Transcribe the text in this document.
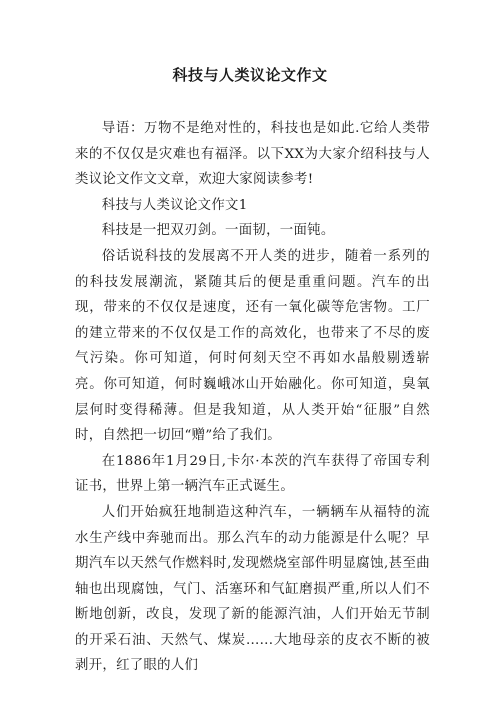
科技与人类议论文作文

导语：万物不是绝对性的，科技也是如此.它给人类带来的不仅仅是灾难也有福泽。以下XX为大家介绍科技与人类议论文作文文章，欢迎大家阅读参考!

科技与人类议论文作文1

科技是一把双刃剑。一面韧，一面钝。

俗话说科技的发展离不开人类的进步，随着一系列的的科技发展潮流，紧随其后的便是重重问题。汽车的出现，带来的不仅仅是速度，还有一氧化碳等危害物。工厂的建立带来的不仅仅是工作的高效化，也带来了不尽的废气污染。你可知道，何时何刻天空不再如水晶般剔透崭亮。你可知道，何时巍峨冰山开始融化。你可知道，臭氧层何时变得稀薄。但是我知道，从人类开始“征服”自然时，自然把一切回“赠”给了我们。

在1886年1月29日,卡尔·本茨的汽车获得了帝国专利证书，世界上第一辆汽车正式诞生。

人们开始疯狂地制造这种汽车，一辆辆车从福特的流水生产线中奔驰而出。那么汽车的动力能源是什么呢？早期汽车以天然气作燃料时,发现燃烧室部件明显腐蚀,甚至曲轴也出现腐蚀，气门、活塞环和气缸磨损严重,所以人们不断地创新，改良，发现了新的能源汽油，人们开始无节制的开采石油、天然气、煤炭......大地母亲的皮衣不断的被剥开，红了眼的人们
